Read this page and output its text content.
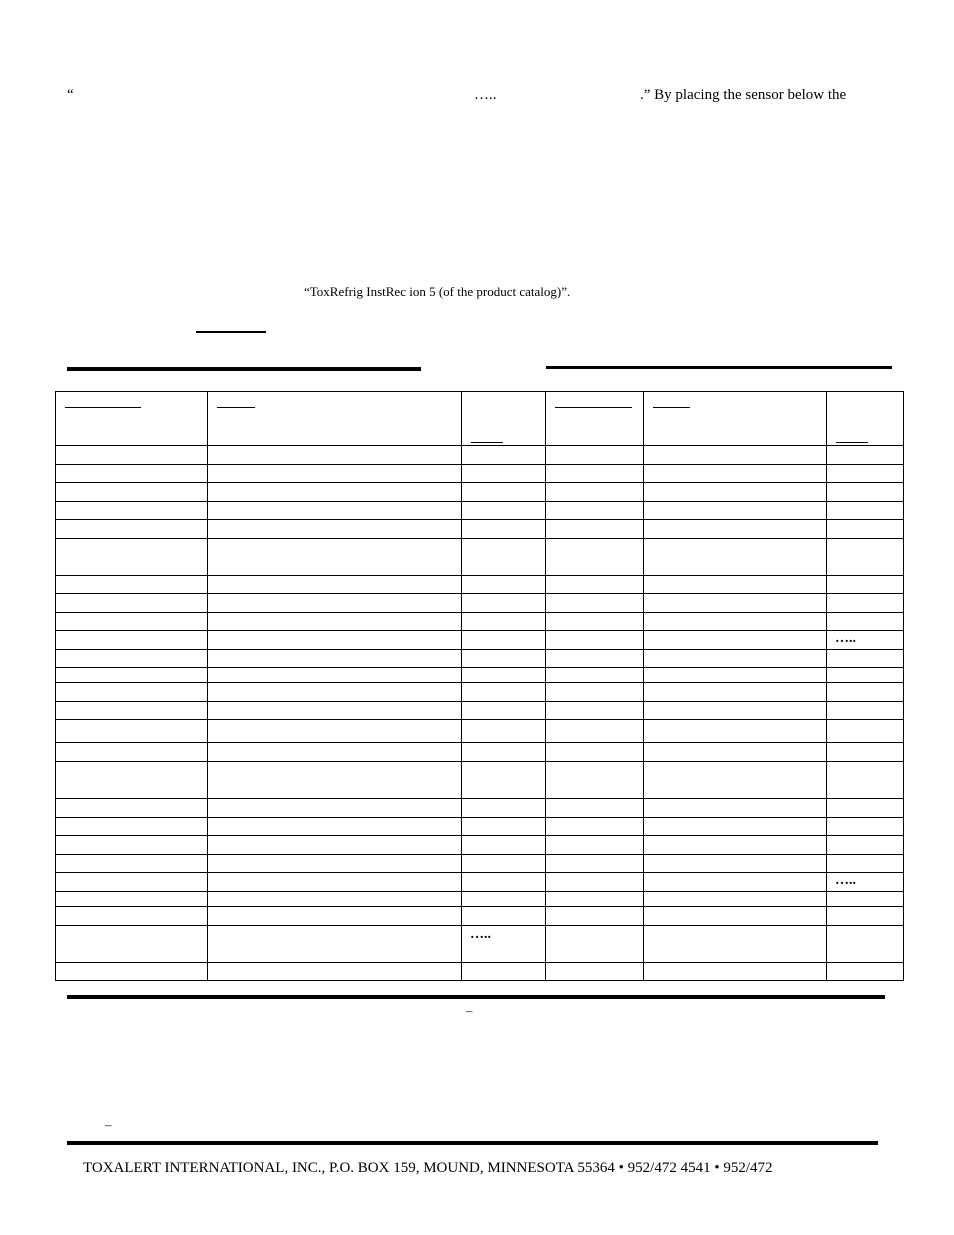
“	…..	.” By placing the sensor below the
“ToxRefrig InstRec ion 5 (of the product catalog)”.

					…..

					…..

		…..			

–
–
TOXALERT INTERNATIONAL, INC., P.O. BOX 159, MOUND, MINNESOTA 55364 • 952/472 4541 • 952/472
